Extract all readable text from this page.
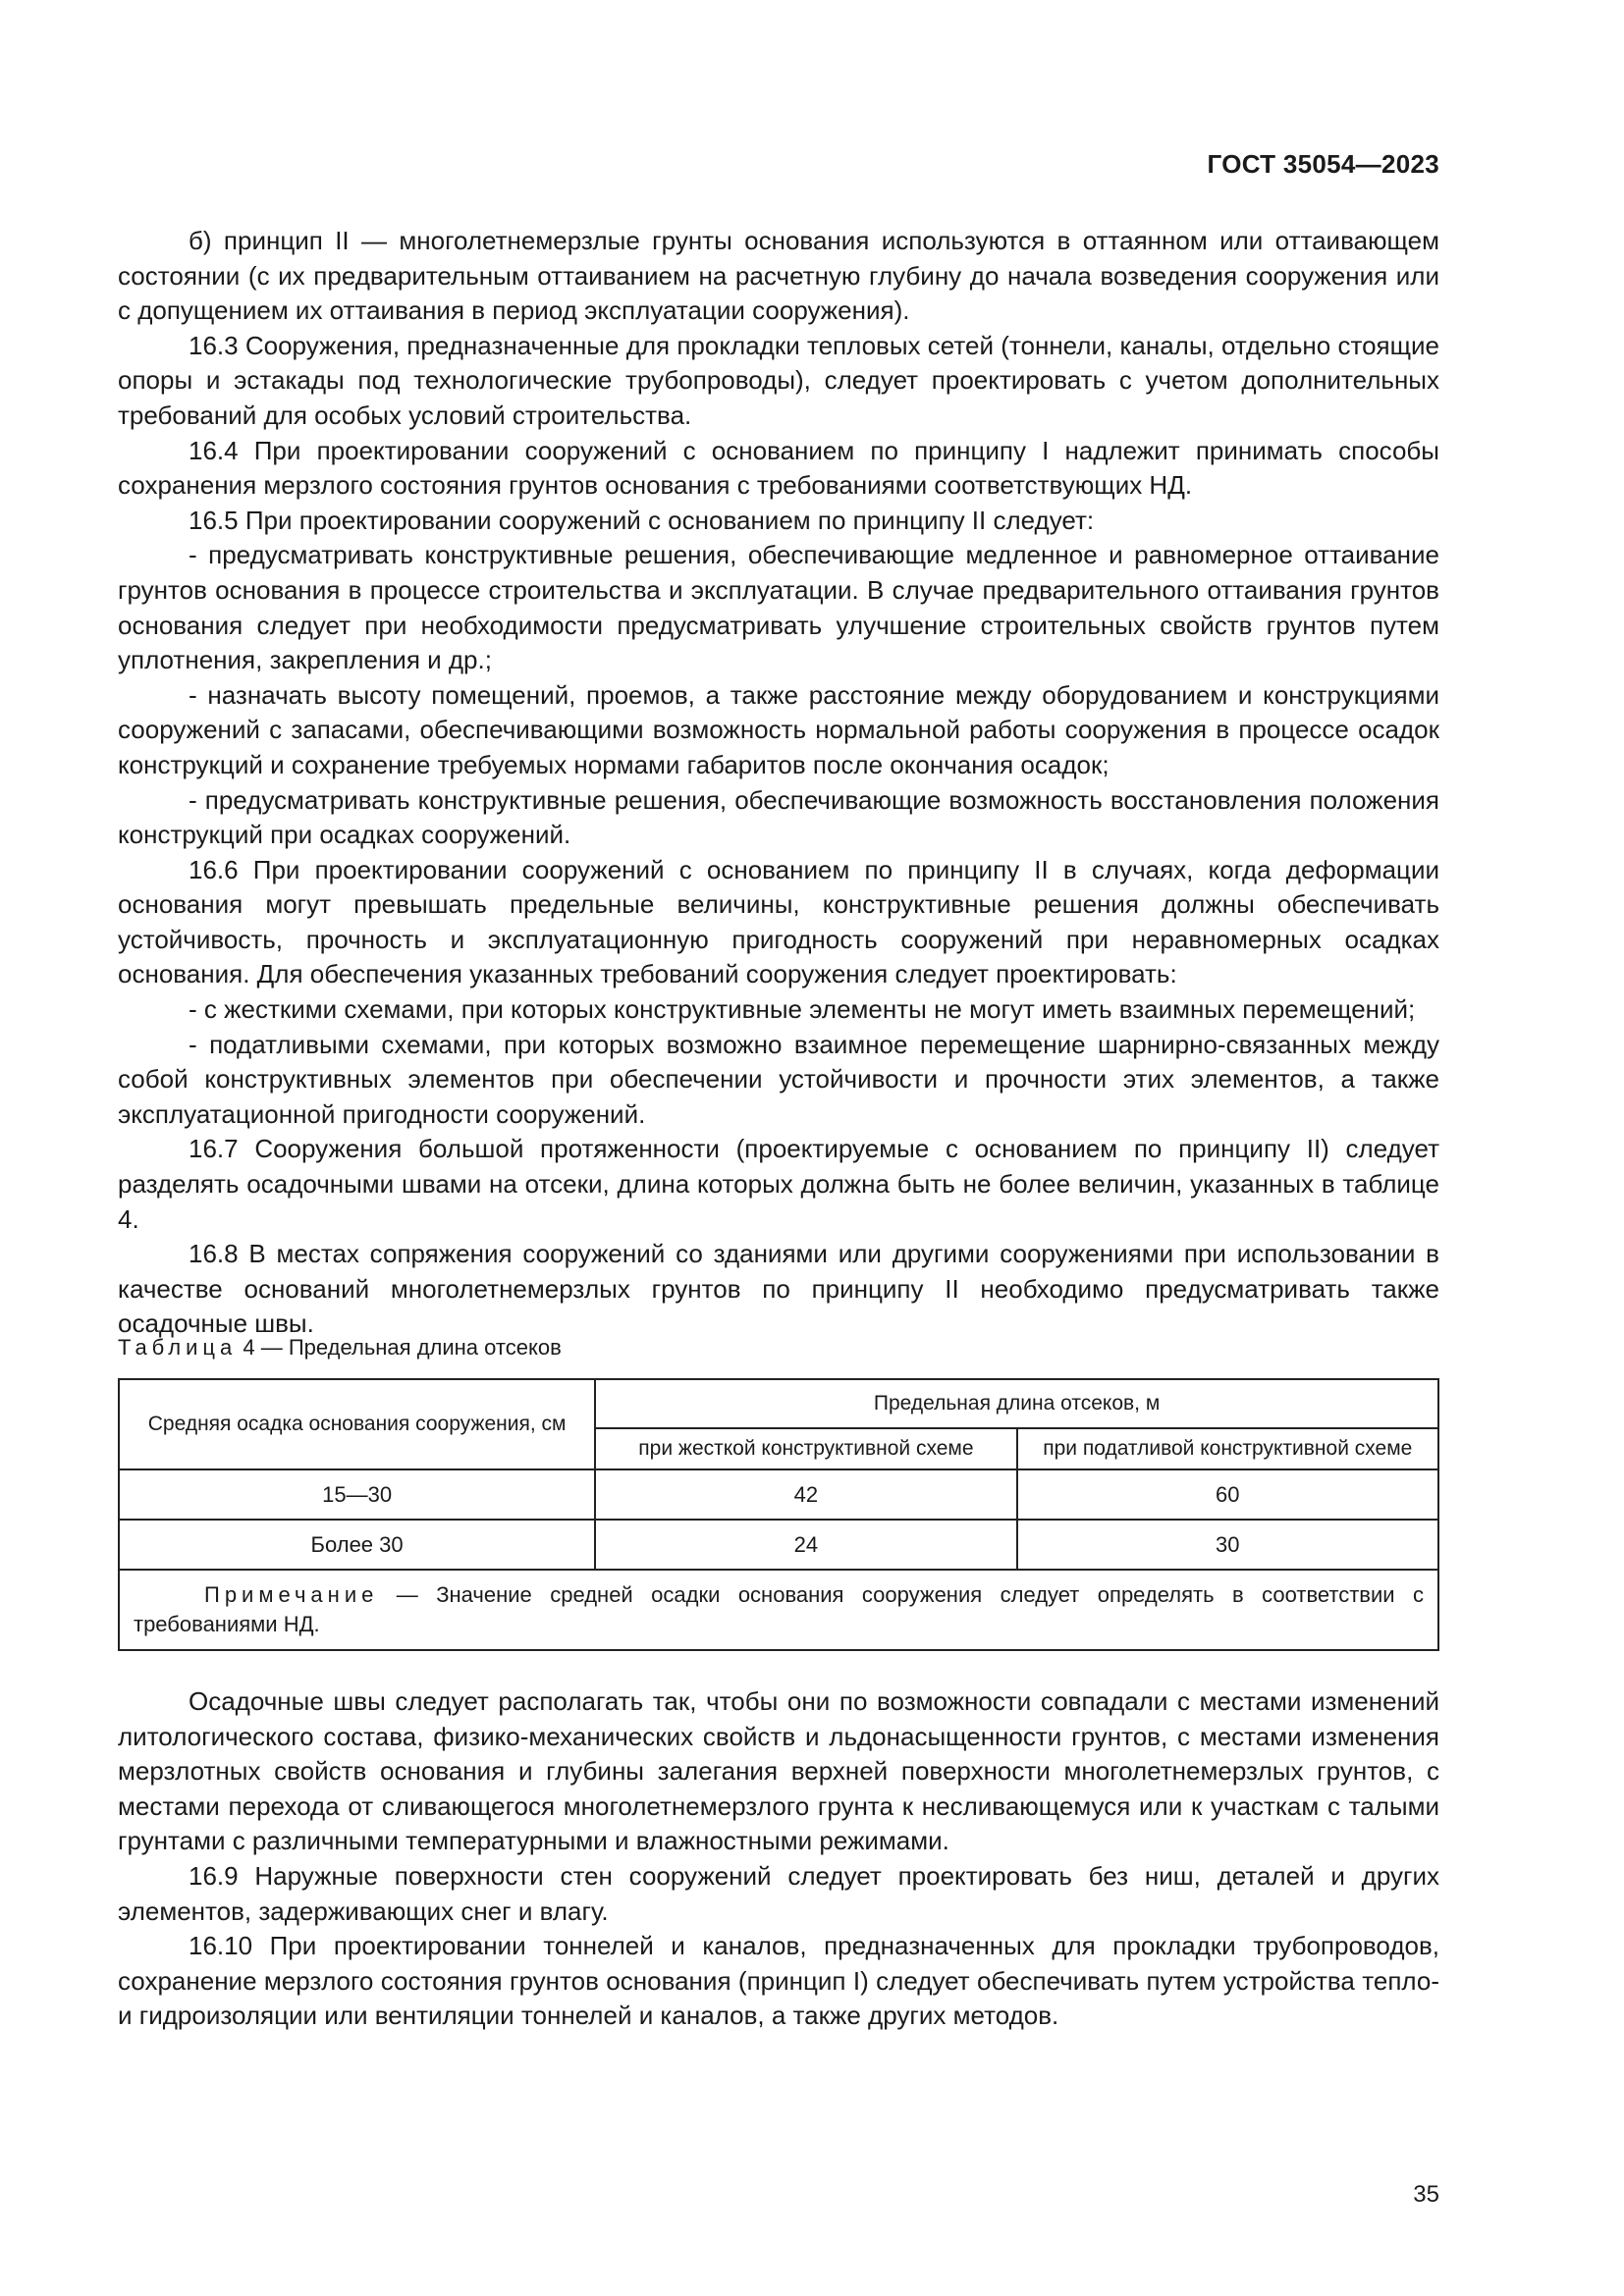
ГОСТ 35054—2023

б) принцип II — многолетнемерзлые грунты основания используются в оттаянном или оттаивающем состоянии (с их предварительным оттаиванием на расчетную глубину до начала возведения сооружения или с допущением их оттаивания в период эксплуатации сооружения).

16.3 Сооружения, предназначенные для прокладки тепловых сетей (тоннели, каналы, отдельно стоящие опоры и эстакады под технологические трубопроводы), следует проектировать с учетом дополнительных требований для особых условий строительства.

16.4 При проектировании сооружений с основанием по принципу I надлежит принимать способы сохранения мерзлого состояния грунтов основания с требованиями соответствующих НД.

16.5 При проектировании сооружений с основанием по принципу II следует:

- предусматривать конструктивные решения, обеспечивающие медленное и равномерное оттаивание грунтов основания в процессе строительства и эксплуатации. В случае предварительного оттаивания грунтов основания следует при необходимости предусматривать улучшение строительных свойств грунтов путем уплотнения, закрепления и др.;

- назначать высоту помещений, проемов, а также расстояние между оборудованием и конструкциями сооружений с запасами, обеспечивающими возможность нормальной работы сооружения в процессе осадок конструкций и сохранение требуемых нормами габаритов после окончания осадок;

- предусматривать конструктивные решения, обеспечивающие возможность восстановления положения конструкций при осадках сооружений.

16.6 При проектировании сооружений с основанием по принципу II в случаях, когда деформации основания могут превышать предельные величины, конструктивные решения должны обеспечивать устойчивость, прочность и эксплуатационную пригодность сооружений при неравномерных осадках основания. Для обеспечения указанных требований сооружения следует проектировать:

- с жесткими схемами, при которых конструктивные элементы не могут иметь взаимных перемещений;

- податливыми схемами, при которых возможно взаимное перемещение шарнирно-связанных между собой конструктивных элементов при обеспечении устойчивости и прочности этих элементов, а также эксплуатационной пригодности сооружений.

16.7 Сооружения большой протяженности (проектируемые с основанием по принципу II) следует разделять осадочными швами на отсеки, длина которых должна быть не более величин, указанных в таблице 4.

16.8 В местах сопряжения сооружений со зданиями или другими сооружениями при использовании в качестве оснований многолетнемерзлых грунтов по принципу II необходимо предусматривать также осадочные швы.

Таблица 4 — Предельная длина отсеков
Средняя осадка основания сооружения, см	Предельная длина отсеков, м	
	при жесткой конструктивной схеме	при податливой конструктивной схеме
15—30	42	60
Более 30	24	30

Примечание — Значение средней осадки основания сооружения следует определять в соответствии с требованиями НД.		

Осадочные швы следует располагать так, чтобы они по возможности совпадали с местами изменений литологического состава, физико-механических свойств и льдонасыщенности грунтов, с местами изменения мерзлотных свойств основания и глубины залегания верхней поверхности многолетнемерзлых грунтов, с местами перехода от сливающегося многолетнемерзлого грунта к несливающемуся или к участкам с талыми грунтами с различными температурными и влажностными режимами.

16.9 Наружные поверхности стен сооружений следует проектировать без ниш, деталей и других элементов, задерживающих снег и влагу.

16.10 При проектировании тоннелей и каналов, предназначенных для прокладки трубопроводов, сохранение мерзлого состояния грунтов основания (принцип I) следует обеспечивать путем устройства тепло- и гидроизоляции или вентиляции тоннелей и каналов, а также других методов.

35
